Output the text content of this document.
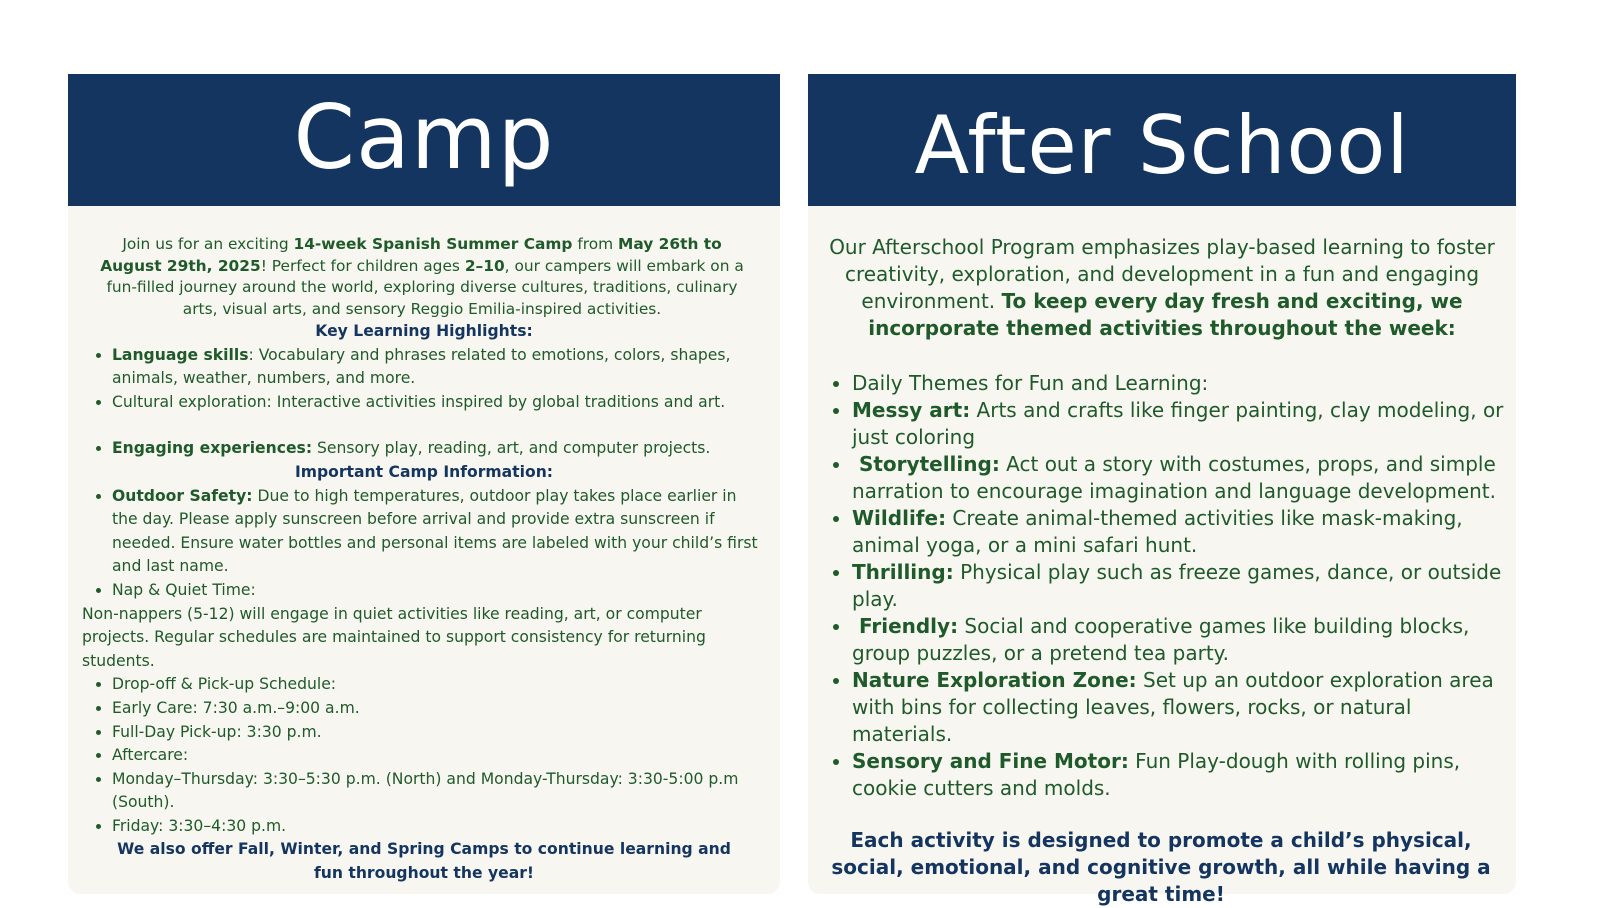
Camp

Join us for an exciting 14-week Spanish Summer Camp from May 26th to August 29th, 2025! Perfect for children ages 2–10, our campers will embark on a fun-filled journey around the world, exploring diverse cultures, traditions, culinary arts, visual arts, and sensory Reggio Emilia-inspired activities.

Key Learning Highlights:
• Language skills: Vocabulary and phrases related to emotions, colors, shapes, animals, weather, numbers, and more.
• Cultural exploration: Interactive activities inspired by global traditions and art.
• Engaging experiences: Sensory play, reading, art, and computer projects.
Important Camp Information:
• Outdoor Safety: Due to high temperatures, outdoor play takes place earlier in the day. Please apply sunscreen before arrival and provide extra sunscreen if needed. Ensure water bottles and personal items are labeled with your child’s first and last name.
• Nap & Quiet Time:

Non-nappers (5-12) will engage in quiet activities like reading, art, or computer projects. Regular schedules are maintained to support consistency for returning students.

• Drop-off & Pick-up Schedule:
• Early Care: 7:30 a.m.–9:00 a.m.
• Full-Day Pick-up: 3:30 p.m.
• Aftercare:
• Monday–Thursday: 3:30–5:30 p.m. (North) and Monday-Thursday: 3:30-5:00 p.m (South).
• Friday: 3:30–4:30 p.m.

We also offer Fall, Winter, and Spring Camps to continue learning and fun throughout the year!

After School

Our Afterschool Program emphasizes play-based learning to foster creativity, exploration, and development in a fun and engaging environment. To keep every day fresh and exciting, we incorporate themed activities throughout the week:

• Daily Themes for Fun and Learning:
• Messy art: Arts and crafts like finger painting, clay modeling, or just coloring
•  Storytelling: Act out a story with costumes, props, and simple narration to encourage imagination and language development.
• Wildlife: Create animal-themed activities like mask-making, animal yoga, or a mini safari hunt.
• Thrilling: Physical play such as freeze games, dance, or outside play.
•  Friendly: Social and cooperative games like building blocks, group puzzles, or a pretend tea party.
• Nature Exploration Zone: Set up an outdoor exploration area with bins for collecting leaves, flowers, rocks, or natural materials.
• Sensory and Fine Motor: Fun Play-dough with rolling pins, cookie cutters and molds.

Each activity is designed to promote a child’s physical, social, emotional, and cognitive growth, all while having a great time!
